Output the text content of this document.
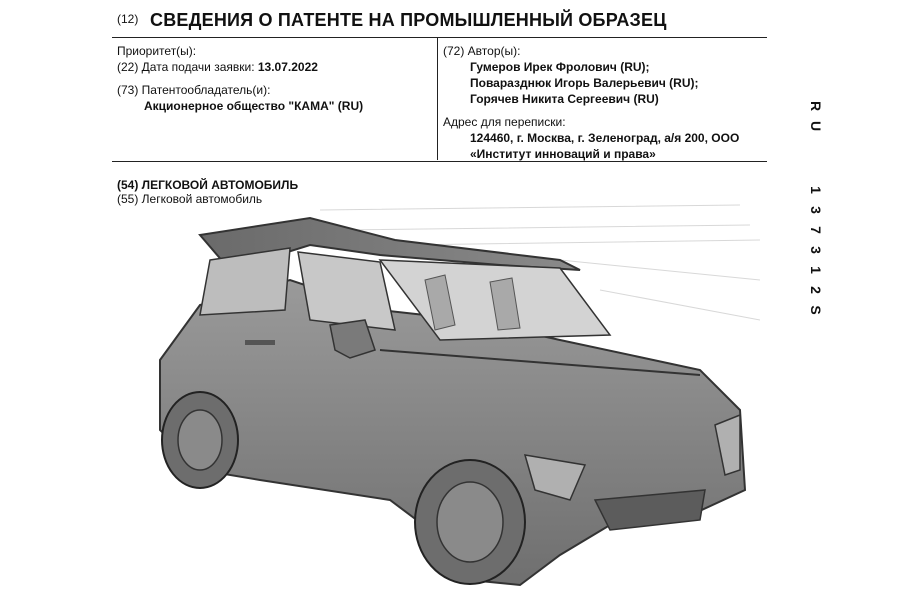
(12) СВЕДЕНИЯ О ПАТЕНТЕ НА ПРОМЫШЛЕННЫЙ ОБРАЗЕЦ
Приоритет(ы):
(22) Дата подачи заявки: 13.07.2022
(73) Патентообладатель(и):
Акционерное общество "КАМА" (RU)
(72) Автор(ы):
Гумеров Ирек Фролович (RU);
Поваразднюк Игорь Валерьевич (RU);
Горячев Никита Сергеевич (RU)
Адрес для переписки:
124460, г. Москва, г. Зеленоград, а/я 200, ООО
«Институт инноваций и права»
(54) ЛЕГКОВОЙ АВТОМОБИЛЬ
(55) Легковой автомобиль
R
U
1
3
7
3
1
2
S
